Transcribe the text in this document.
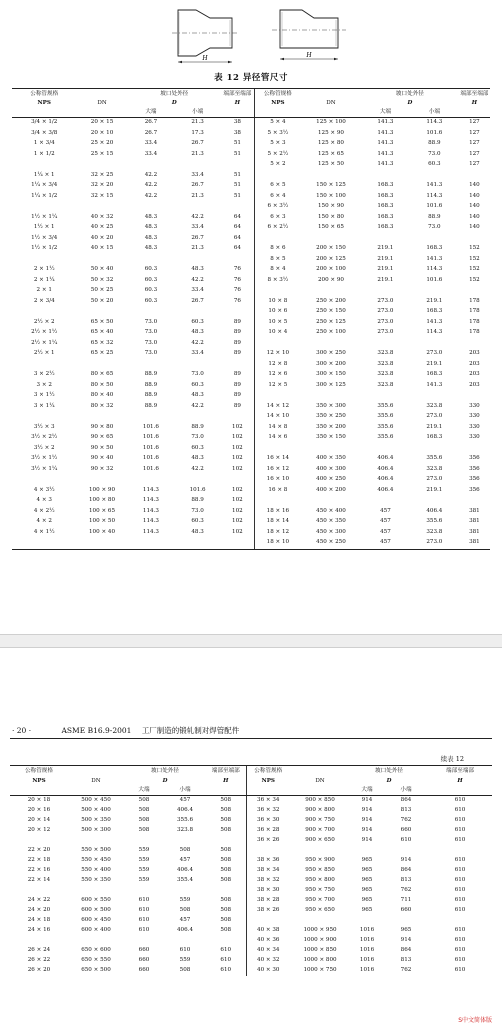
H	H
表 12 异径管尺寸
公称管规格		坡口处外径		端部至端部	公称管规格		坡口处外径		端部至端部
NPS	DN	D		H	NPS	DN	D		H
		大端	小端				大端	小端	
3/4 × 1/2	20 × 15	26.7	21.3	38	5 × 4	125 × 100	141.3	114.3	127
3/4 × 3/8	20 × 10	26.7	17.3	38	5 × 3½	125 × 90	141.3	101.6	127
1 × 3/4	25 × 20	33.4	26.7	51	5 × 3	125 × 80	141.3	88.9	127
1 × 1/2	25 × 15	33.4	21.3	51	5 × 2½	125 × 65	141.3	73.0	127
					5 × 2	125 × 50	141.3	60.3	127
1¼ × 1	32 × 25	42.2	33.4	51					
1¼ × 3/4	32 × 20	42.2	26.7	51	6 × 5	150 × 125	168.3	141.3	140
1¼ × 1/2	32 × 15	42.2	21.3	51	6 × 4	150 × 100	168.3	114.3	140
					6 × 3½	150 × 90	168.3	101.6	140
1½ × 1¼	40 × 32	48.3	42.2	64	6 × 3	150 × 80	168.3	88.9	140
1½ × 1	40 × 25	48.3	33.4	64	6 × 2½	150 × 65	168.3	73.0	140
1½ × 3/4	40 × 20	48.3	26.7	64					
1½ × 1/2	40 × 15	48.3	21.3	64	8 × 6	200 × 150	219.1	168.3	152
					8 × 5	200 × 125	219.1	141.3	152
2 × 1½	50 × 40	60.3	48.3	76	8 × 4	200 × 100	219.1	114.3	152
2 × 1¼	50 × 32	60.3	42.2	76	8 × 3½	200 × 90	219.1	101.6	152
2 × 1	50 × 25	60.3	33.4	76					
2 × 3/4	50 × 20	60.3	26.7	76	10 × 8	250 × 200	273.0	219.1	178
					10 × 6	250 × 150	273.0	168.3	178
2½ × 2	65 × 50	73.0	60.3	89	10 × 5	250 × 125	273.0	141.3	178
2½ × 1½	65 × 40	73.0	48.3	89	10 × 4	250 × 100	273.0	114.3	178
2½ × 1¼	65 × 32	73.0	42.2	89					
2½ × 1	65 × 25	73.0	33.4	89	12 × 10	300 × 250	323.8	273.0	203
					12 × 8	300 × 200	323.8	219.1	203
3 × 2½	80 × 65	88.9	73.0	89	12 × 6	300 × 150	323.8	168.3	203
3 × 2	80 × 50	88.9	60.3	89	12 × 5	300 × 125	323.8	141.3	203
3 × 1½	80 × 40	88.9	48.3	89					
3 × 1¼	80 × 32	88.9	42.2	89	14 × 12	350 × 300	355.6	323.8	330
					14 × 10	350 × 250	355.6	273.0	330
3½ × 3	90 × 80	101.6	88.9	102	14 × 8	350 × 200	355.6	219.1	330
3½ × 2½	90 × 65	101.6	73.0	102	14 × 6	350 × 150	355.6	168.3	330
3½ × 2	90 × 50	101.6	60.3	102					
3½ × 1½	90 × 40	101.6	48.3	102	16 × 14	400 × 350	406.4	355.6	356
3½ × 1¼	90 × 32	101.6	42.2	102	16 × 12	400 × 300	406.4	323.8	356
					16 × 10	400 × 250	406.4	273.0	356
4 × 3½	100 × 90	114.3	101.6	102	16 × 8	400 × 200	406.4	219.1	356
4 × 3	100 × 80	114.3	88.9	102					
4 × 2½	100 × 65	114.3	73.0	102	18 × 16	450 × 400	457	406.4	381
4 × 2	100 × 50	114.3	60.3	102	18 × 14	450 × 350	457	355.6	381
4 × 1½	100 × 40	114.3	48.3	102	18 × 12	450 × 300	457	323.8	381
					18 × 10	450 × 250	457	273.0	381
· 20 ·	ASME B16.9-2001 工厂制造的锻轧制对焊管配件
续表 12
公称管规格		坡口处外径		端部至端部	公称管规格		坡口处外径		端部至端部
NPS	DN	D		H	NPS	DN	D		H
		大端	小端				大端	小端	
20 × 18	500 × 450	508	457	508	36 × 34	900 × 850	914	864	610
20 × 16	500 × 400	508	406.4	508	36 × 32	900 × 800	914	813	610
20 × 14	500 × 350	508	355.6	508	36 × 30	900 × 750	914	762	610
20 × 12	500 × 300	508	323.8	508	36 × 28	900 × 700	914	660	610
					36 × 26	900 × 650	914	610	610
22 × 20	550 × 500	559	508	508					
22 × 18	550 × 450	559	457	508	38 × 36	950 × 900	965	914	610
22 × 16	550 × 400	559	406.4	508	38 × 34	950 × 850	965	864	610
22 × 14	550 × 350	559	355.4	508	38 × 32	950 × 800	965	813	610
					38 × 30	950 × 750	965	762	610
24 × 22	600 × 550	610	559	508	38 × 28	950 × 700	965	711	610
24 × 20	600 × 500	610	508	508	38 × 26	950 × 650	965	660	610
24 × 18	600 × 450	610	457	508					
24 × 16	600 × 400	610	406.4	508	40 × 38	1000 × 950	1016	965	610
					40 × 36	1000 × 900	1016	914	610
26 × 24	650 × 600	660	610	610	40 × 34	1000 × 850	1016	864	610
26 × 22	650 × 550	660	559	610	40 × 32	1000 × 800	1016	813	610
26 × 20	650 × 500	660	508	610	40 × 30	1000 × 750	1016	762	610
S中文简体版
